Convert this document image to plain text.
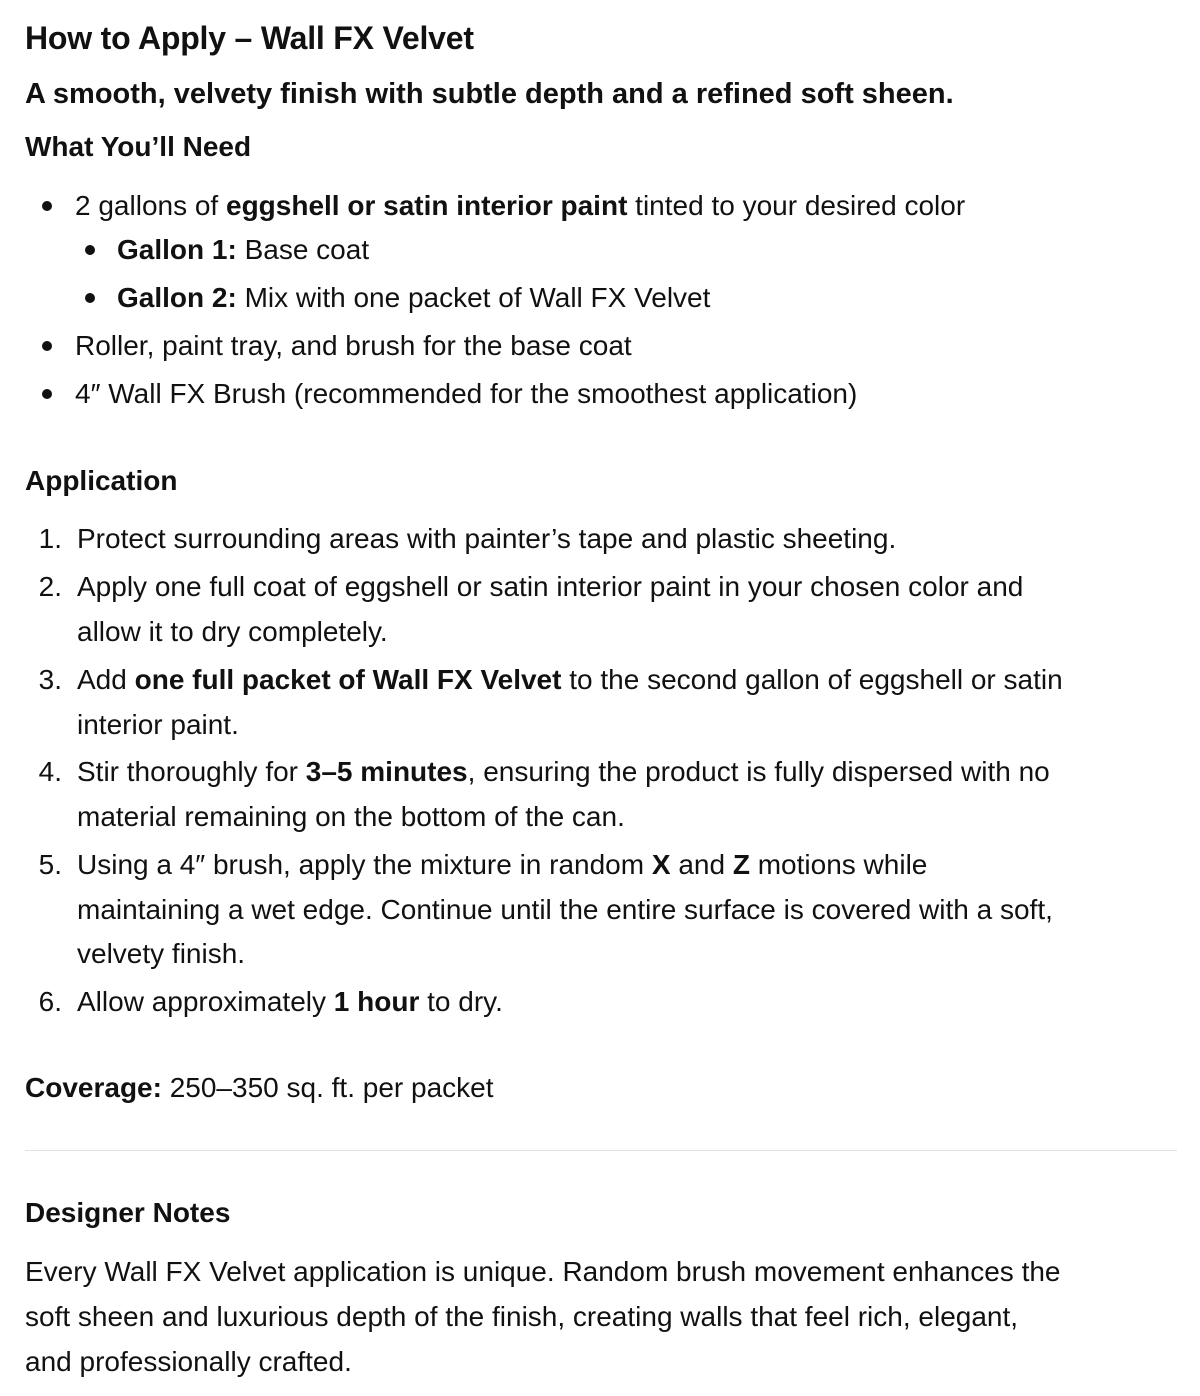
How to Apply – Wall FX Velvet

A smooth, velvety finish with subtle depth and a refined soft sheen.

What You’ll Need
2 gallons of eggshell or satin interior paint tinted to your desired color
Gallon 1: Base coat
Gallon 2: Mix with one packet of Wall FX Velvet
Roller, paint tray, and brush for the base coat
4″ Wall FX Brush (recommended for the smoothest application)
Application
1. Protect surrounding areas with painter’s tape and plastic sheeting.
2. Apply one full coat of eggshell or satin interior paint in your chosen color and
allow it to dry completely.
3. Add one full packet of Wall FX Velvet to the second gallon of eggshell or satin
interior paint.
4. Stir thoroughly for 3–5 minutes, ensuring the product is fully dispersed with no
material remaining on the bottom of the can.
5. Using a 4″ brush, apply the mixture in random X and Z motions while
maintaining a wet edge. Continue until the entire surface is covered with a soft,
velvety finish.
6. Allow approximately 1 hour to dry.
Coverage: 250–350 sq. ft. per packet
Designer Notes
Every Wall FX Velvet application is unique. Random brush movement enhances the
soft sheen and luxurious depth of the finish, creating walls that feel rich, elegant,
and professionally crafted.
